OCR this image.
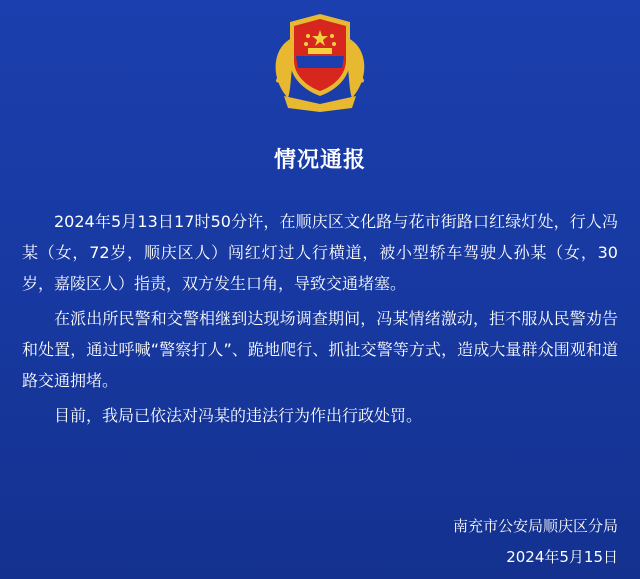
情况通报

2024年5月13日17时50分许，在顺庆区文化路与花市街路口红绿灯处，行人冯某（女，72岁，顺庆区人）闯红灯过人行横道，被小型轿车驾驶人孙某（女，30岁，嘉陵区人）指责，双方发生口角，导致交通堵塞。

在派出所民警和交警相继到达现场调查期间，冯某情绪激动，拒不服从民警劝告和处置，通过呼喊“警察打人”、跪地爬行、抓扯交警等方式，造成大量群众围观和道路交通拥堵。

目前，我局已依法对冯某的违法行为作出行政处罚。

南充市公安局顺庆区分局
2024年5月15日
